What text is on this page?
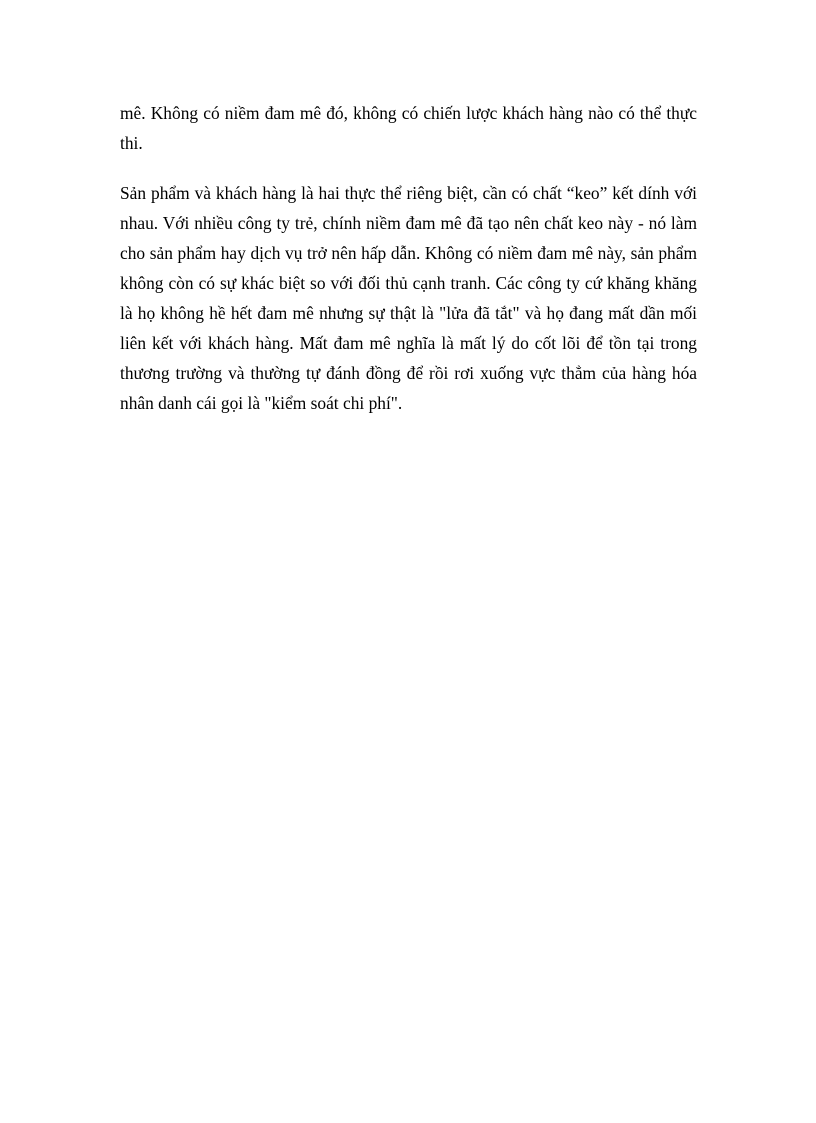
mê. Không có niềm đam mê đó, không có chiến lược khách hàng nào có thể thực
thi.

Sản phẩm và khách hàng là hai thực thể riêng biệt, cần có chất “keo” kết dính với
nhau. Với nhiều công ty trẻ, chính niềm đam mê đã tạo nên chất keo này - nó làm
cho sản phẩm hay dịch vụ trở nên hấp dẫn. Không có niềm đam mê này, sản phẩm
không còn có sự khác biệt so với đối thủ cạnh tranh. Các công ty cứ khăng khăng
là họ không hề hết đam mê nhưng sự thật là "lửa đã tắt" và họ đang mất dần mối
liên kết với khách hàng. Mất đam mê nghĩa là mất lý do cốt lõi để tồn tại trong
thương trường và thường tự đánh đồng để rồi rơi xuống vực thẳm của hàng hóa
nhân danh cái gọi là "kiểm soát chi phí".
